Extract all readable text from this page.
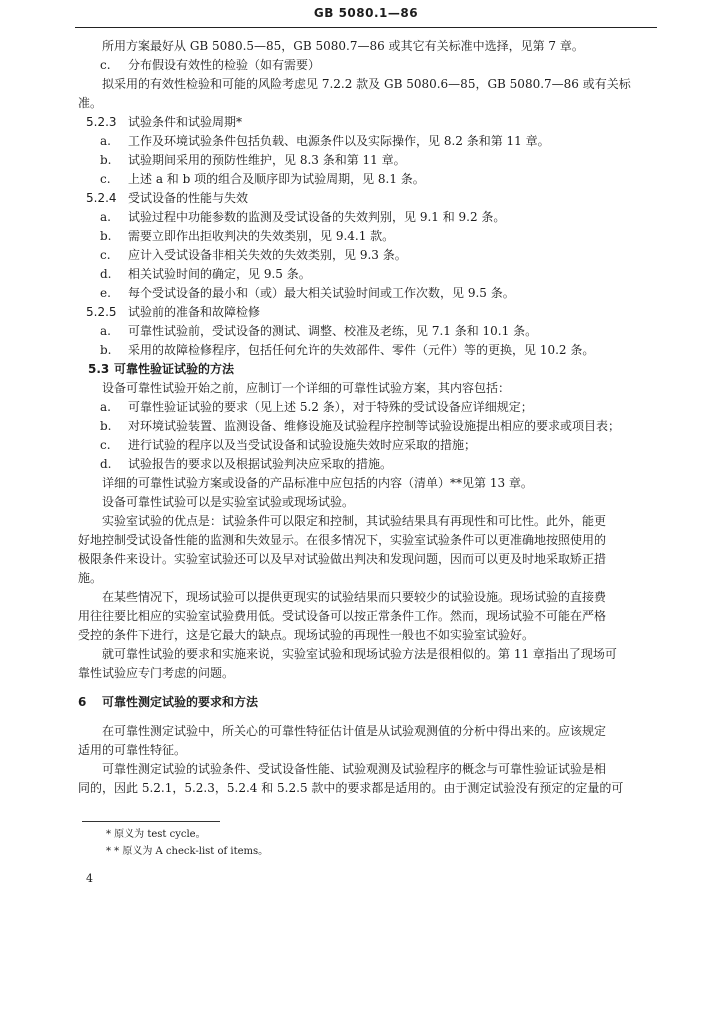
GB 5080.1—86
所用方案最好从 GB 5080.5—85，GB 5080.7—86 或其它有关标准中选择，见第 7 章。
c. 分布假设有效性的检验（如有需要）
拟采用的有效性检验和可能的风险考虑见 7.2.2 款及 GB 5080.6—85，GB 5080.7—86 或有关标
准。
5.2.3 试验条件和试验周期*
a. 工作及环境试验条件包括负载、电源条件以及实际操作，见 8.2 条和第 11 章。
b. 试验期间采用的预防性维护，见 8.3 条和第 11 章。
c. 上述 a 和 b 项的组合及顺序即为试验周期，见 8.1 条。
5.2.4 受试设备的性能与失效
a. 试验过程中功能参数的监测及受试设备的失效判别，见 9.1 和 9.2 条。
b. 需要立即作出拒收判决的失效类别，见 9.4.1 款。
c. 应计入受试设备非相关失效的失效类别，见 9.3 条。
d. 相关试验时间的确定，见 9.5 条。
e. 每个受试设备的最小和（或）最大相关试验时间或工作次数，见 9.5 条。
5.2.5 试验前的准备和故障检修
a. 可靠性试验前，受试设备的测试、调整、校准及老练，见 7.1 条和 10.1 条。
b. 采用的故障检修程序，包括任何允许的失效部件、零件（元件）等的更换，见 10.2 条。
5.3 可靠性验证试验的方法
设备可靠性试验开始之前，应制订一个详细的可靠性试验方案，其内容包括：
a. 可靠性验证试验的要求（见上述 5.2 条），对于特殊的受试设备应详细规定；
b. 对环境试验装置、监测设备、维修设施及试验程序控制等试验设施提出相应的要求或项目表；
c. 进行试验的程序以及当受试设备和试验设施失效时应采取的措施；
d. 试验报告的要求以及根据试验判决应采取的措施。
详细的可靠性试验方案或设备的产品标准中应包括的内容（清单）**见第 13 章。
设备可靠性试验可以是实验室试验或现场试验。
实验室试验的优点是：试验条件可以限定和控制，其试验结果具有再现性和可比性。此外，能更
好地控制受试设备性能的监测和失效显示。在很多情况下，实验室试验条件可以更准确地按照使用的
极限条件来设计。实验室试验还可以及早对试验做出判决和发现问题，因而可以更及时地采取矫正措
施。
在某些情况下，现场试验可以提供更现实的试验结果而只要较少的试验设施。现场试验的直接费
用往往要比相应的实验室试验费用低。受试设备可以按正常条件工作。然而，现场试验不可能在严格
受控的条件下进行，这是它最大的缺点。现场试验的再现性一般也不如实验室试验好。
就可靠性试验的要求和实施来说，实验室试验和现场试验方法是很相似的。第 11 章指出了现场可
靠性试验应专门考虑的问题。
6 可靠性测定试验的要求和方法
在可靠性测定试验中，所关心的可靠性特征估计值是从试验观测值的分析中得出来的。应该规定
适用的可靠性特征。
可靠性测定试验的试验条件、受试设备性能、试验观测及试验程序的概念与可靠性验证试验是相
同的，因此 5.2.1，5.2.3，5.2.4 和 5.2.5 款中的要求都是适用的。由于测定试验没有预定的定量的可
* 原义为 test cycle。
* * 原义为 A check-list of items。
4
